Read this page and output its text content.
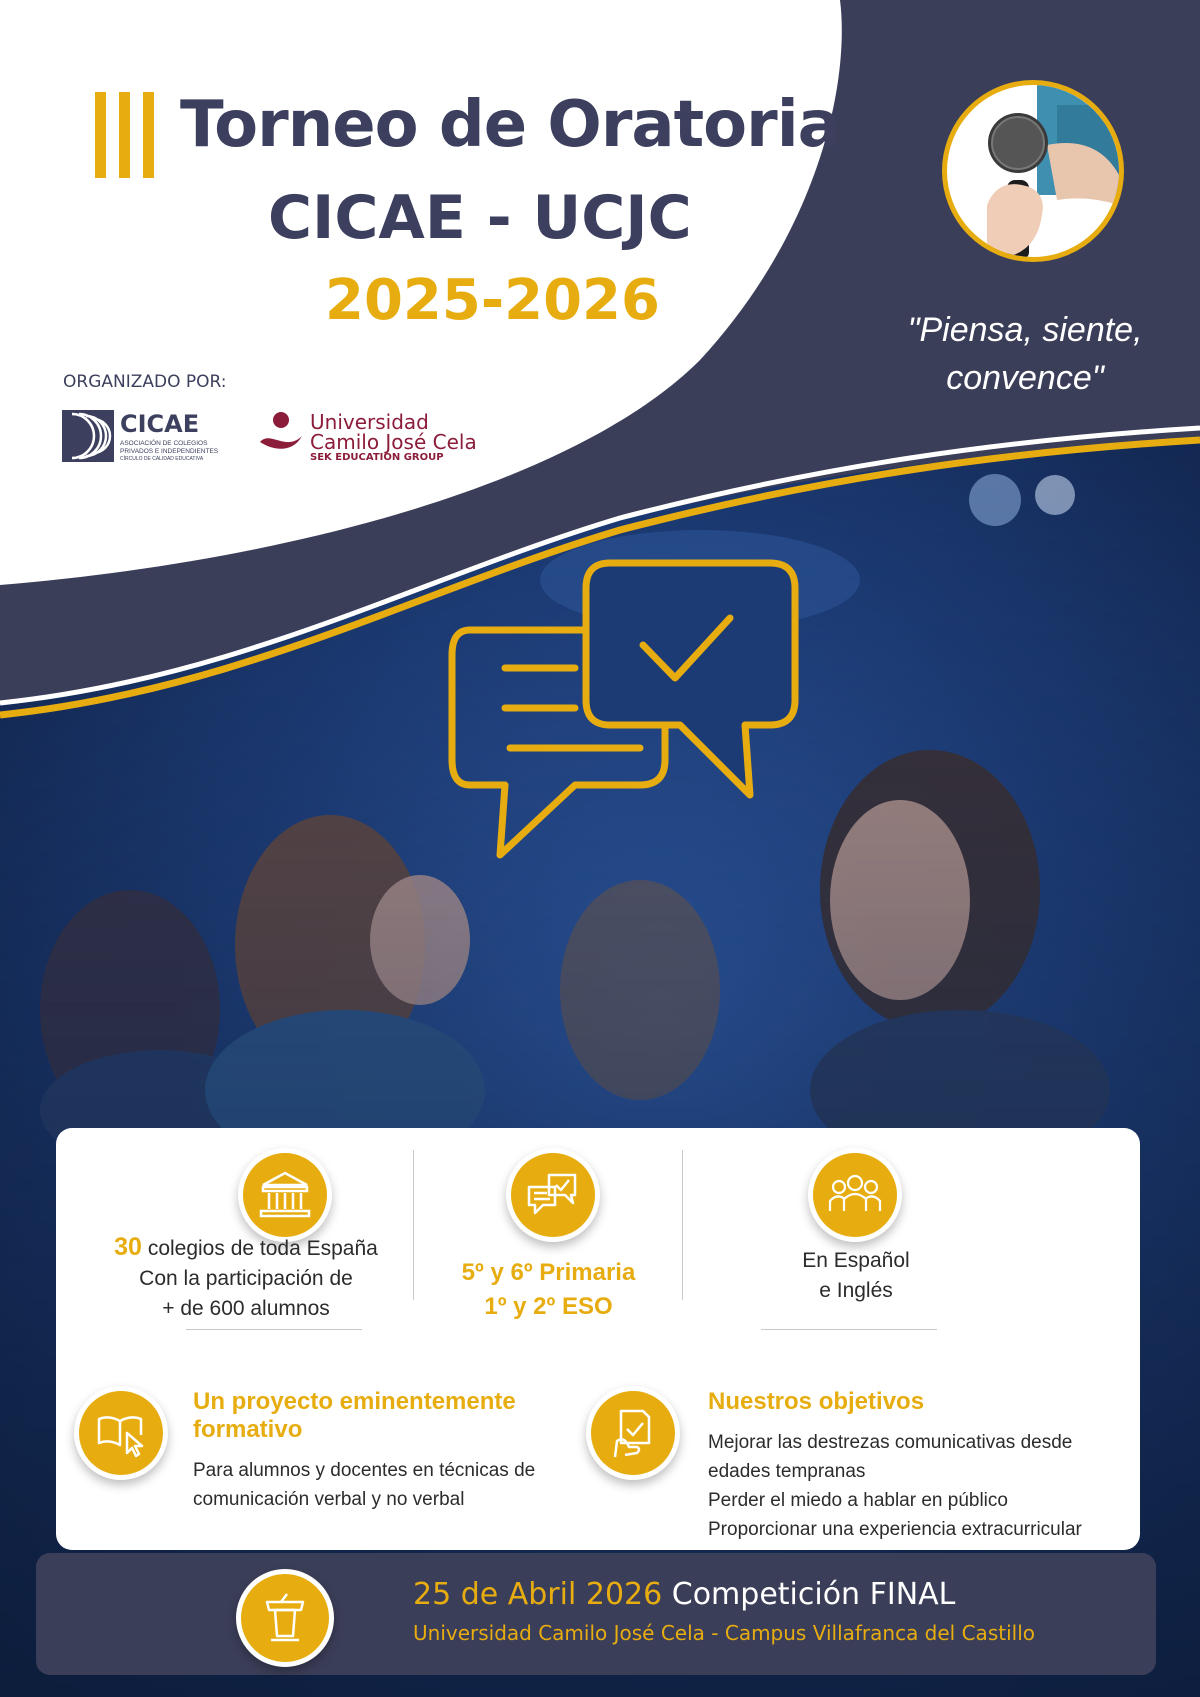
Torneo de Oratoria
CICAE - UCJC
2025-2026
ORGANIZADO POR:
CICAE
ASOCIACIÓN DE COLEGIOS
PRIVADOS E INDEPENDIENTES
CÍRCULO DE CALIDAD EDUCATIVA
Universidad
Camilo José Cela
SEK EDUCATION GROUP
"Piensa, siente,
convence"
30 colegios de toda España
Con la participación de
+ de 600 alumnos
5º y 6º Primaria
1º y 2º ESO
En Español
e Inglés
Un proyecto eminentemente
formativo
Para alumnos y docentes en técnicas de
comunicación verbal y no verbal
Nuestros objetivos
Mejorar las destrezas comunicativas desde
edades tempranas
Perder el miedo a hablar en público
Proporcionar una experiencia extracurricular
25 de Abril 2026 Competición FINAL
Universidad Camilo José Cela - Campus Villafranca del Castillo
